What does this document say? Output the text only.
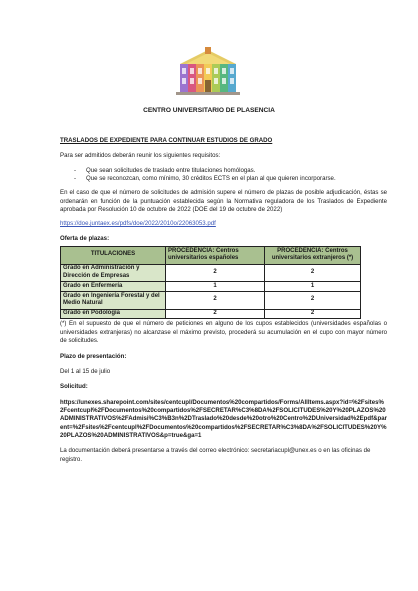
CENTRO UNIVERSITARIO DE PLASENCIA

TRASLADOS DE EXPEDIENTE PARA CONTINUAR ESTUDIOS DE GRADO

Para ser admitidos deberán reunir los siguientes requisitos:

- Que sean solicitudes de traslado entre titulaciones homólogas.
- Que se reconozcan, como mínimo, 30 créditos ECTS en el plan al que quieren incorporarse.

En el caso de que el número de solicitudes de admisión supere el número de plazas de posible adjudicación, éstas se ordenarán en función de la puntuación establecida según la Normativa reguladora de los Traslados de Expediente aprobada por Resolución 10 de octubre de 2022 (DOE del 19 de octubre de 2022)

https://doe.juntaex.es/pdfs/doe/2022/2010o/22063053.pdf

Oferta de plazas:

TITULACIONES	PROCEDENCIA: Centros universitarios españoles	PROCEDENCIA: Centros universitarios extranjeros (*)
Grado en Administración y Dirección de Empresas	2	2
Grado en Enfermería	1	1
Grado en Ingeniería Forestal y del Medio Natural	2	2
Grado en Podología	2	2

(*) En el supuesto de que el número de peticiones en alguno de los cupos establecidos (universidades españolas o universidades extranjeras) no alcanzase el máximo previsto, procederá su acumulación en el cupo con mayor número de solicitudes.

Plazo de presentación:

Del 1 al 15 de julio

Solicitud:

https://unexes.sharepoint.com/sites/centcupl/Documentos%20compartidos/Forms/AllItems.aspx?id=%2Fsites%2Fcentcupl%2FDocumentos%20compartidos%2FSECRETAR%C3%8DA%2FSOLICITUDES%20Y%20PLAZOS%20ADMINISTRATIVOS%2FAdmisi%C3%B3n%2DTraslado%20desde%20otro%20Centro%2DUniversidad%2Epdf&parent=%2Fsites%2Fcentcupl%2FDocumentos%20compartidos%2FSECRETAR%C3%8DA%2FSOLICITUDES%20Y%20PLAZOS%20ADMINISTRATIVOS&p=true&ga=1

La documentación deberá presentarse a través del correo electrónico: secretariacupl@unex.es o en las oficinas de registro.
